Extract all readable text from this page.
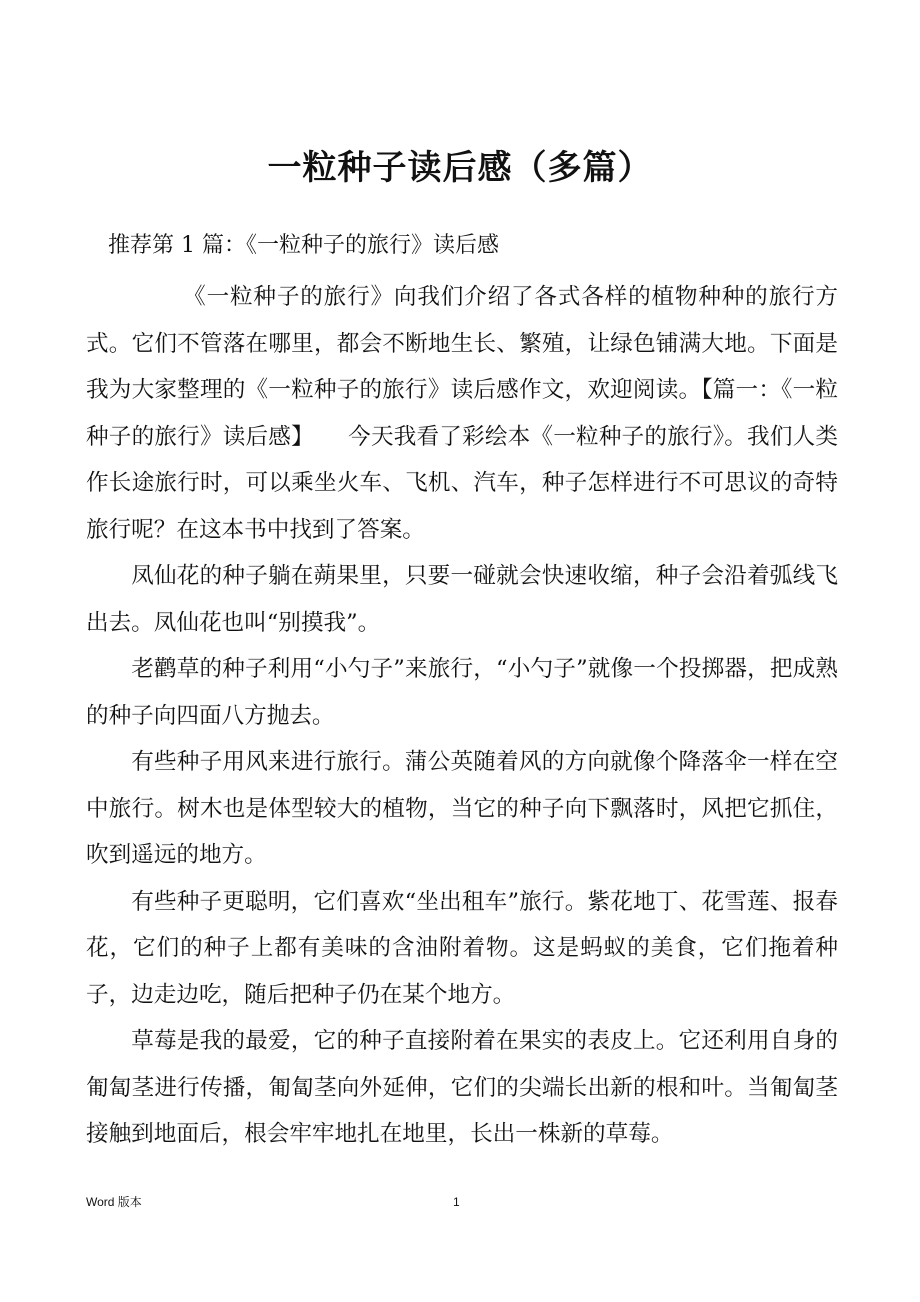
一粒种子读后感（多篇）

推荐第 1 篇：《一粒种子的旅行》读后感

《一粒种子的旅行》向我们介绍了各式各样的植物种种的旅行方式。它们不管落在哪里，都会不断地生长、繁殖，让绿色铺满大地。下面是我为大家整理的《一粒种子的旅行》读后感作文，欢迎阅读。【篇一：《一粒种子的旅行》读后感】　　今天我看了彩绘本《一粒种子的旅行》。我们人类作长途旅行时，可以乘坐火车、飞机、汽车，种子怎样进行不可思议的奇特旅行呢？在这本书中找到了答案。

凤仙花的种子躺在蒴果里，只要一碰就会快速收缩，种子会沿着弧线飞出去。凤仙花也叫“别摸我”。

老鹳草的种子利用“小勺子”来旅行，“小勺子”就像一个投掷器，把成熟的种子向四面八方抛去。

有些种子用风来进行旅行。蒲公英随着风的方向就像个降落伞一样在空中旅行。树木也是体型较大的植物，当它的种子向下飘落时，风把它抓住，吹到遥远的地方。

有些种子更聪明，它们喜欢“坐出租车”旅行。紫花地丁、花雪莲、报春花，它们的种子上都有美味的含油附着物。这是蚂蚁的美食，它们拖着种子，边走边吃，随后把种子仍在某个地方。

草莓是我的最爱，它的种子直接附着在果实的表皮上。它还利用自身的匍匐茎进行传播，匍匐茎向外延伸，它们的尖端长出新的根和叶。当匍匐茎接触到地面后，根会牢牢地扎在地里，长出一株新的草莓。

Word 版本	1
